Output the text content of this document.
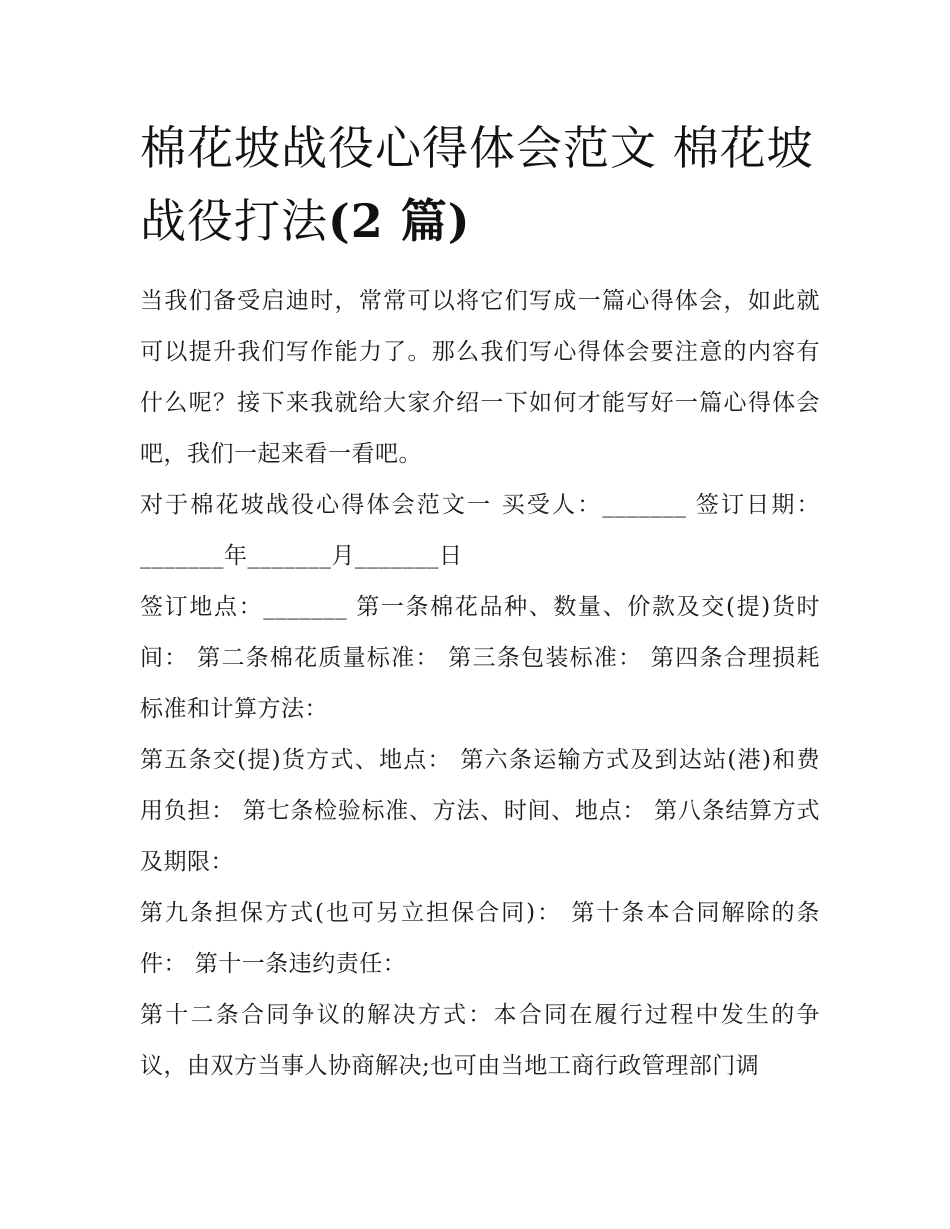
棉花坡战役心得体会范文 棉花坡战役打法(2 篇)

当我们备受启迪时，常常可以将它们写成一篇心得体会，如此就可以提升我们写作能力了。那么我们写心得体会要注意的内容有什么呢？接下来我就给大家介绍一下如何才能写好一篇心得体会吧，我们一起来看一看吧。

对于棉花坡战役心得体会范文一 买受人：_______ 签订日期：_______年_______月_______日

签订地点：_______ 第一条棉花品种、数量、价款及交(提)货时间： 第二条棉花质量标准： 第三条包装标准： 第四条合理损耗标准和计算方法：

第五条交(提)货方式、地点： 第六条运输方式及到达站(港)和费用负担： 第七条检验标准、方法、时间、地点： 第八条结算方式及期限：

第九条担保方式(也可另立担保合同)： 第十条本合同解除的条件： 第十一条违约责任：

第十二条合同争议的解决方式：本合同在履行过程中发生的争议，由双方当事人协商解决;也可由当地工商行政管理部门调
